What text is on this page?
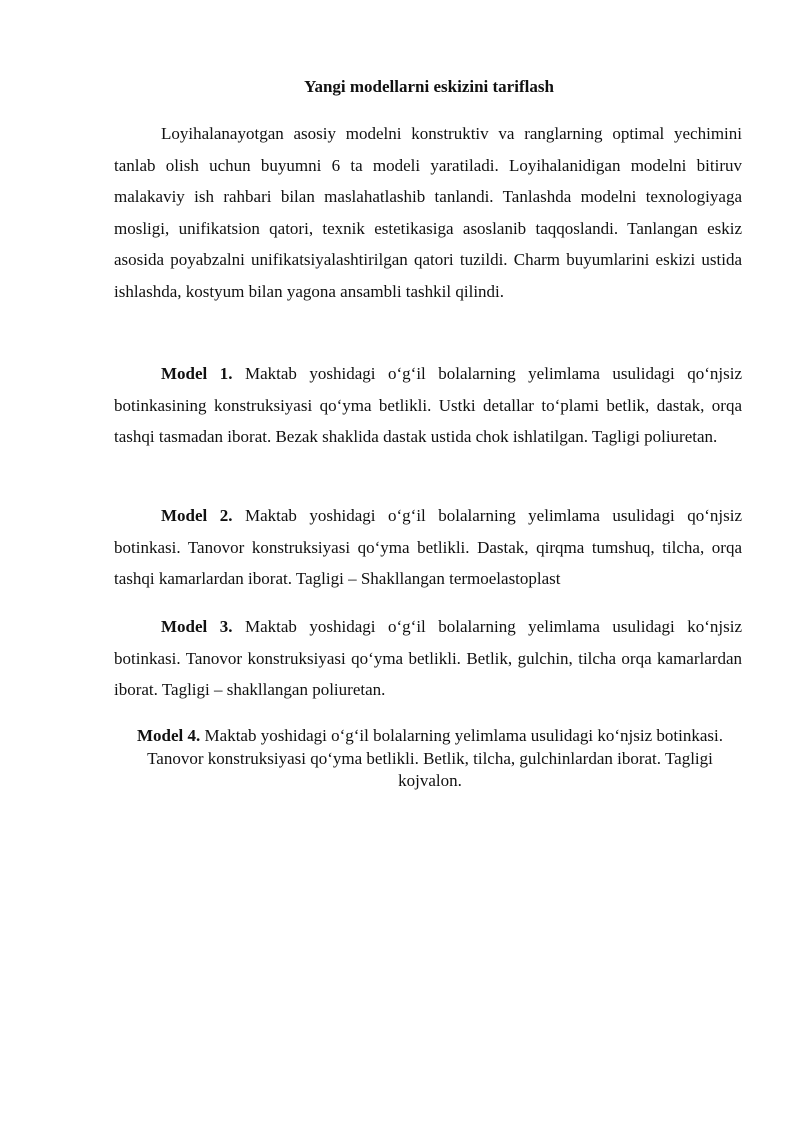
Yangi modellarni eskizini tariflash

Loyihalanayotgan asosiy modelni konstruktiv va ranglarning optimal yechimini tanlab olish uchun buyumni 6 ta modeli yaratiladi. Loyihalanidigan modelni bitiruv malakaviy ish rahbari bilan maslahatlashib tanlandi. Tanlashda modelni texnologiyaga mosligi, unifikatsion qatori, texnik estetikasiga asoslanib taqqoslandi. Tanlangan eskiz asosida poyabzalni unifikatsiyalashtirilgan qatori tuzildi. Charm buyumlarini eskizi ustida ishlashda, kostyum bilan yagona ansambli tashkil qilindi.

Model 1. Maktab yoshidagi o‘g‘il bolalarning yelimlama usulidagi qo‘njsiz botinkasining konstruksiyasi qo‘yma betlikli. Ustki detallar to‘plami betlik, dastak, orqa tashqi tasmadan iborat. Bezak shaklida dastak ustida chok ishlatilgan. Tagligi poliuretan.

Model 2. Maktab yoshidagi o‘g‘il bolalarning yelimlama usulidagi qo‘njsiz botinkasi. Tanovor konstruksiyasi qo‘yma betlikli. Dastak, qirqma tumshuq, tilcha, orqa tashqi kamarlardan iborat. Tagligi – Shakllangan termoelastoplast

Model 3. Maktab yoshidagi o‘g‘il bolalarning yelimlama usulidagi ko‘njsiz botinkasi. Tanovor konstruksiyasi qo‘yma betlikli. Betlik, gulchin, tilcha orqa kamarlardan iborat. Tagligi – shakllangan poliuretan.

Model 4. Maktab yoshidagi o‘g‘il bolalarning yelimlama usulidagi ko‘njsiz botinkasi. Tanovor konstruksiyasi qo‘yma betlikli. Betlik, tilcha, gulchinlardan iborat. Tagligi kojvalon.
